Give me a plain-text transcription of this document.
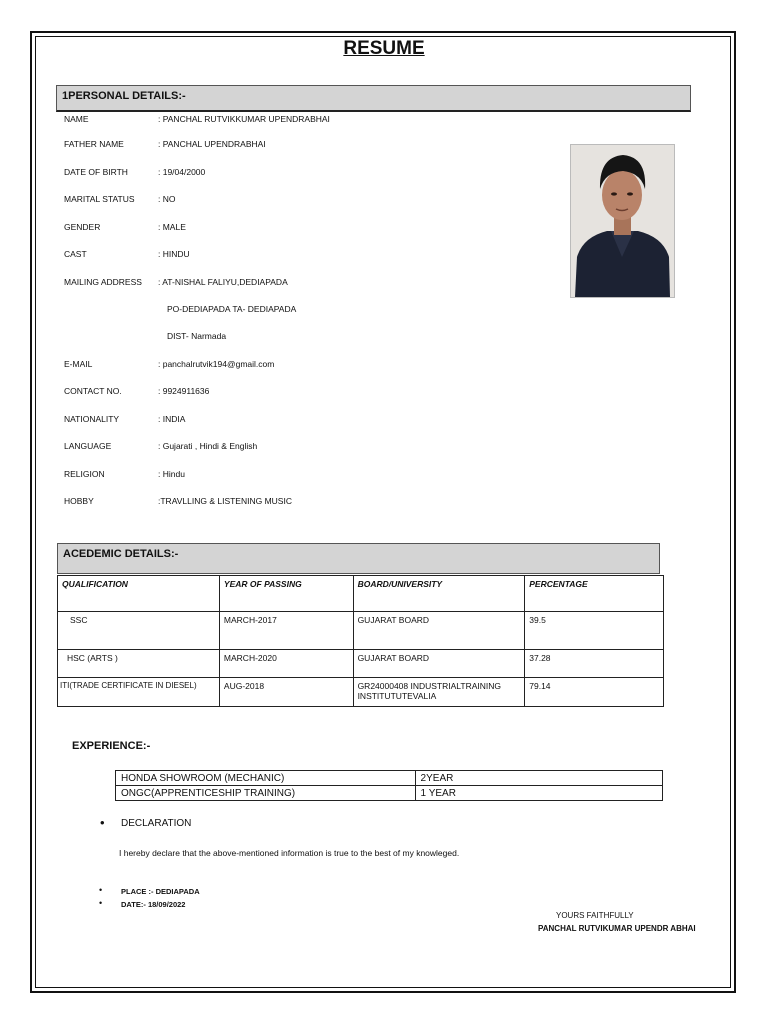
RESUME
1PERSONAL DETAILS:-
NAME	: PANCHAL RUTVIKKUMAR UPENDRABHAI
FATHER NAME	: PANCHAL UPENDRABHAI
DATE OF BIRTH	: 19/04/2000
MARITAL STATUS	: NO
GENDER	: MALE
CAST	: HINDU
MAILING ADDRESS	: AT-NISHAL FALIYU,DEDIAPADA
PO-DEDIAPADA TA- DEDIAPADA
DIST- Narmada
E-MAIL	: panchalrutvik194@gmail.com
CONTACT NO.	: 9924911636
NATIONALITY	: INDIA
LANGUAGE	: Gujarati , Hindi & English
RELIGION	: Hindu
HOBBY	:TRAVLLING & LISTENING MUSIC
ACEDEMIC DETAILS:-
QUALIFICATION	YEAR OF PASSING	BOARD/UNIVERSITY	PERCENTAGE
SSC	MARCH-2017	GUJARAT BOARD	39.5
HSC (ARTS )	MARCH-2020	GUJARAT BOARD	37.28
ITI(TRADE CERTIFICATE IN DIESEL)	AUG-2018	GR24000408 INDUSTRIALTRAINING INSTITUTUTEVALIA	79.14
EXPERIENCE:-
HONDA SHOWROOM (MECHANIC)	2YEAR
ONGC(APPRENTICESHIP TRAINING)	1 YEAR
• DECLARATION
I hereby declare that the above-mentioned information is true to the best of my knowleged.
•	PLACE :- DEDIAPADA
•	DATE:- 18/09/2022
YOURS FAITHFULLY
PANCHAL RUTVIKUMAR UPENDR ABHAI
